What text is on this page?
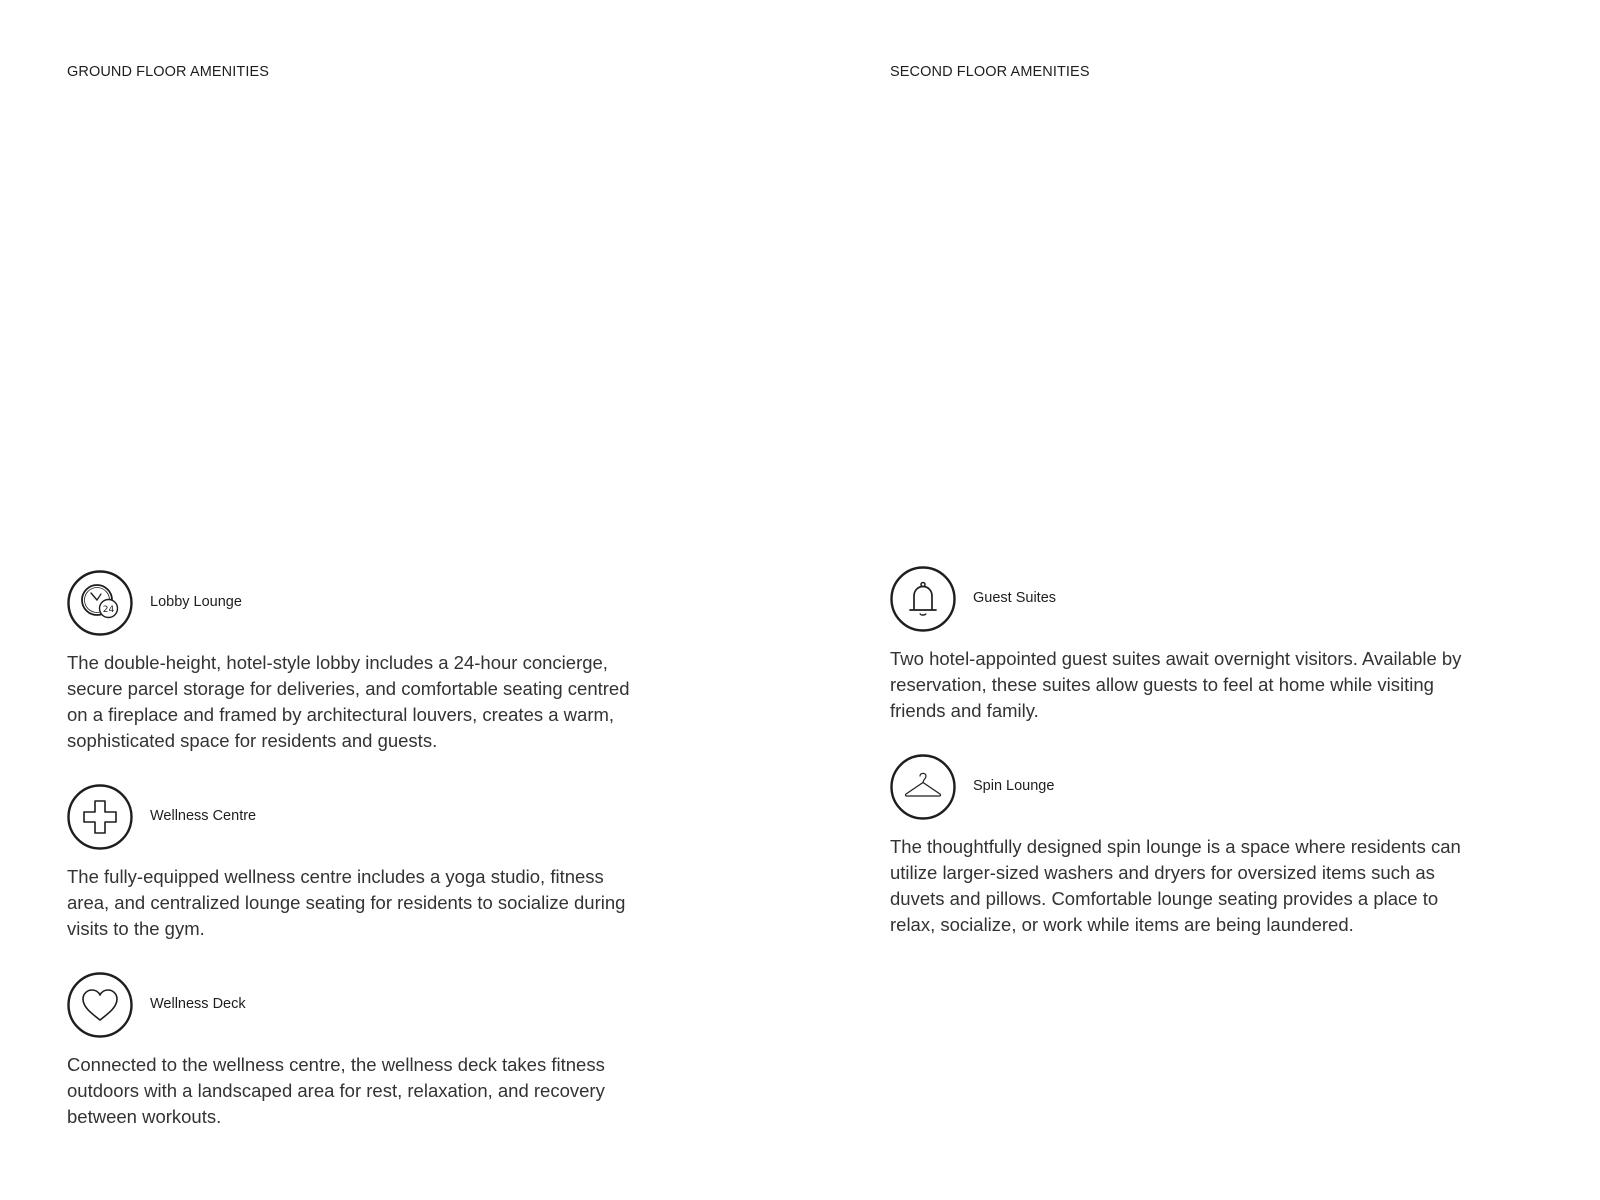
GROUND FLOOR AMENITIES
24 Lobby Lounge

The double-height, hotel-style lobby includes a 24-hour concierge, secure parcel storage for deliveries, and comfortable seating centred on a fireplace and framed by architectural louvers, creates a warm, sophisticated space for residents and guests.

Wellness Centre

The fully-equipped wellness centre includes a yoga studio, fitness area, and centralized lounge seating for residents to socialize during visits to the gym.

Wellness Deck

Connected to the wellness centre, the wellness deck takes fitness outdoors with a landscaped area for rest, relaxation, and recovery between workouts.

SECOND FLOOR AMENITIES
Guest Suites

Two hotel-appointed guest suites await overnight visitors. Available by reservation, these suites allow guests to feel at home while visiting friends and family.

Spin Lounge

The thoughtfully designed spin lounge is a space where residents can utilize larger-sized washers and dryers for oversized items such as duvets and pillows. Comfortable lounge seating provides a place to relax, socialize, or work while items are being laundered.
